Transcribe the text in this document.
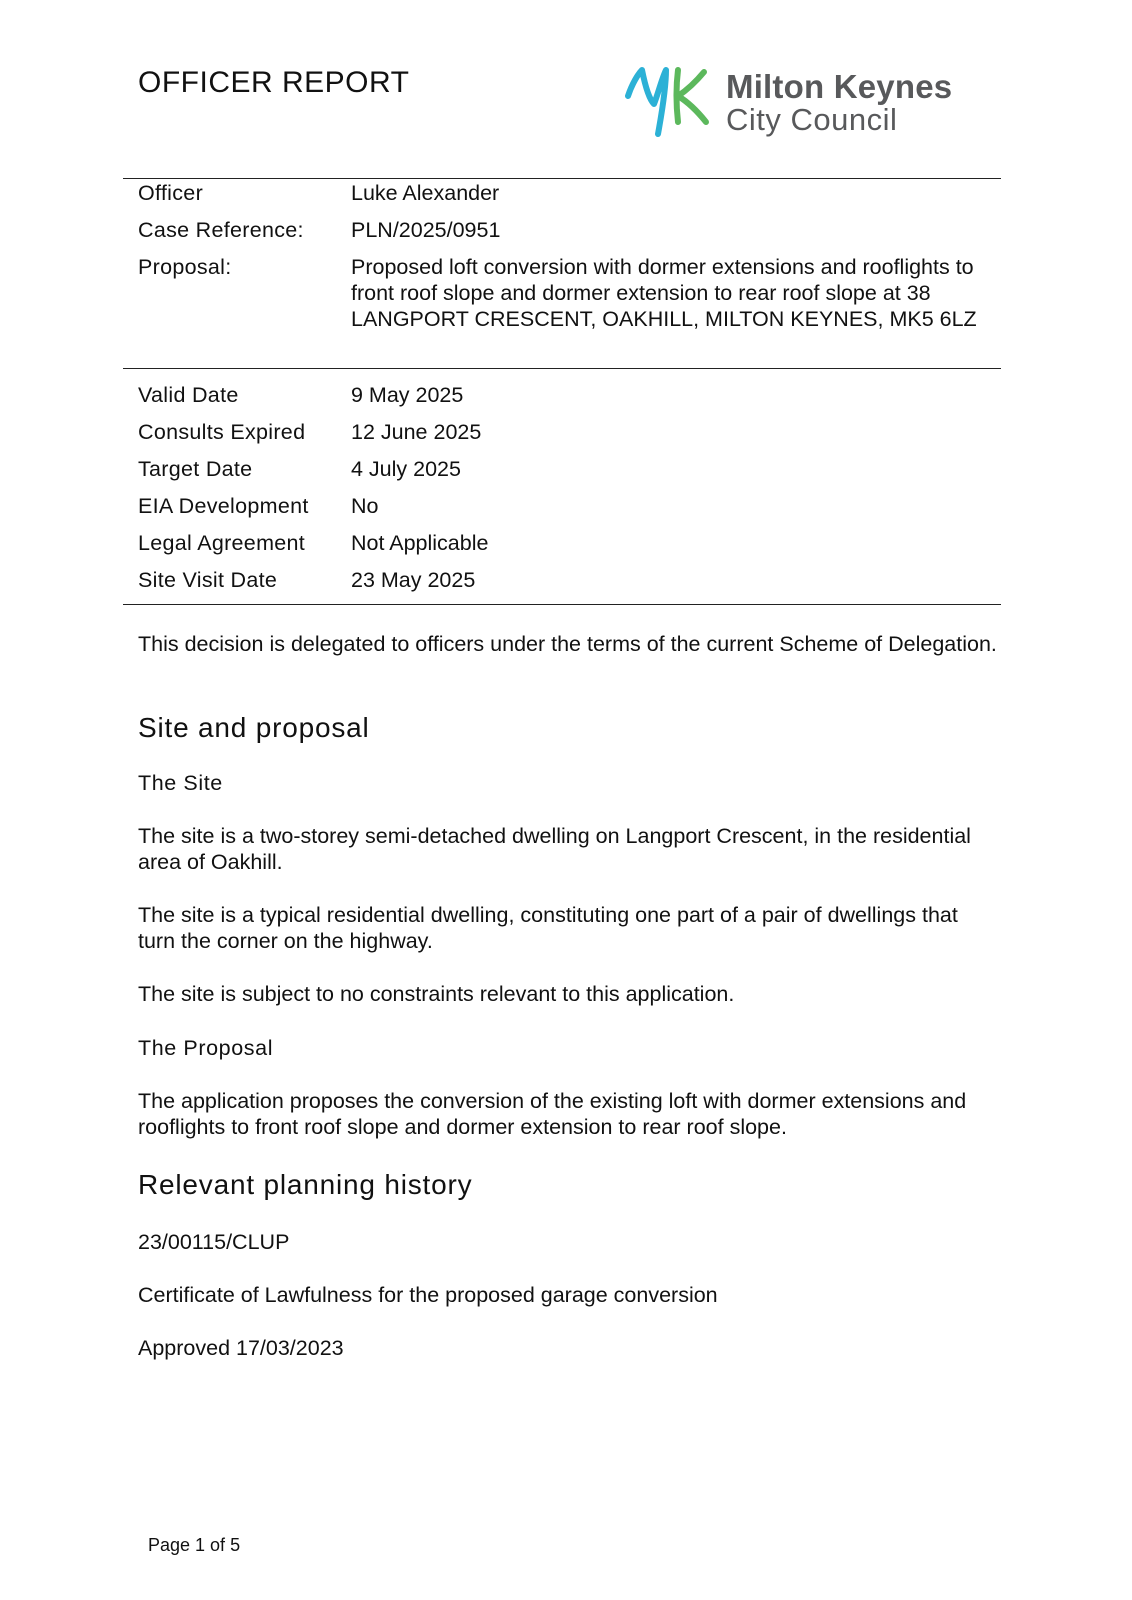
OFFICER REPORT	Milton Keynes
City Council
Officer	Luke Alexander
Case Reference: PLN/2025/0951
Proposal:	Proposed loft conversion with dormer extensions and rooflights to front roof slope and dormer extension to rear roof slope at 38 LANGPORT CRESCENT, OAKHILL, MILTON KEYNES, MK5 6LZ
Valid Date	9 May 2025
Consults Expired 12 June 2025
Target Date	4 July 2025
EIA Development No
Legal Agreement Not Applicable
Site Visit Date	23 May 2025

This decision is delegated to officers under the terms of the current Scheme of Delegation.

Site and proposal
The Site

The site is a two-storey semi-detached dwelling on Langport Crescent, in the residential area of Oakhill.

The site is a typical residential dwelling, constituting one part of a pair of dwellings that turn the corner on the highway.

The site is subject to no constraints relevant to this application.

The Proposal

The application proposes the conversion of the existing loft with dormer extensions and rooflights to front roof slope and dormer extension to rear roof slope.

Relevant planning history

23/00115/CLUP

Certificate of Lawfulness for the proposed garage conversion

Approved 17/03/2023

Page 1 of 5
